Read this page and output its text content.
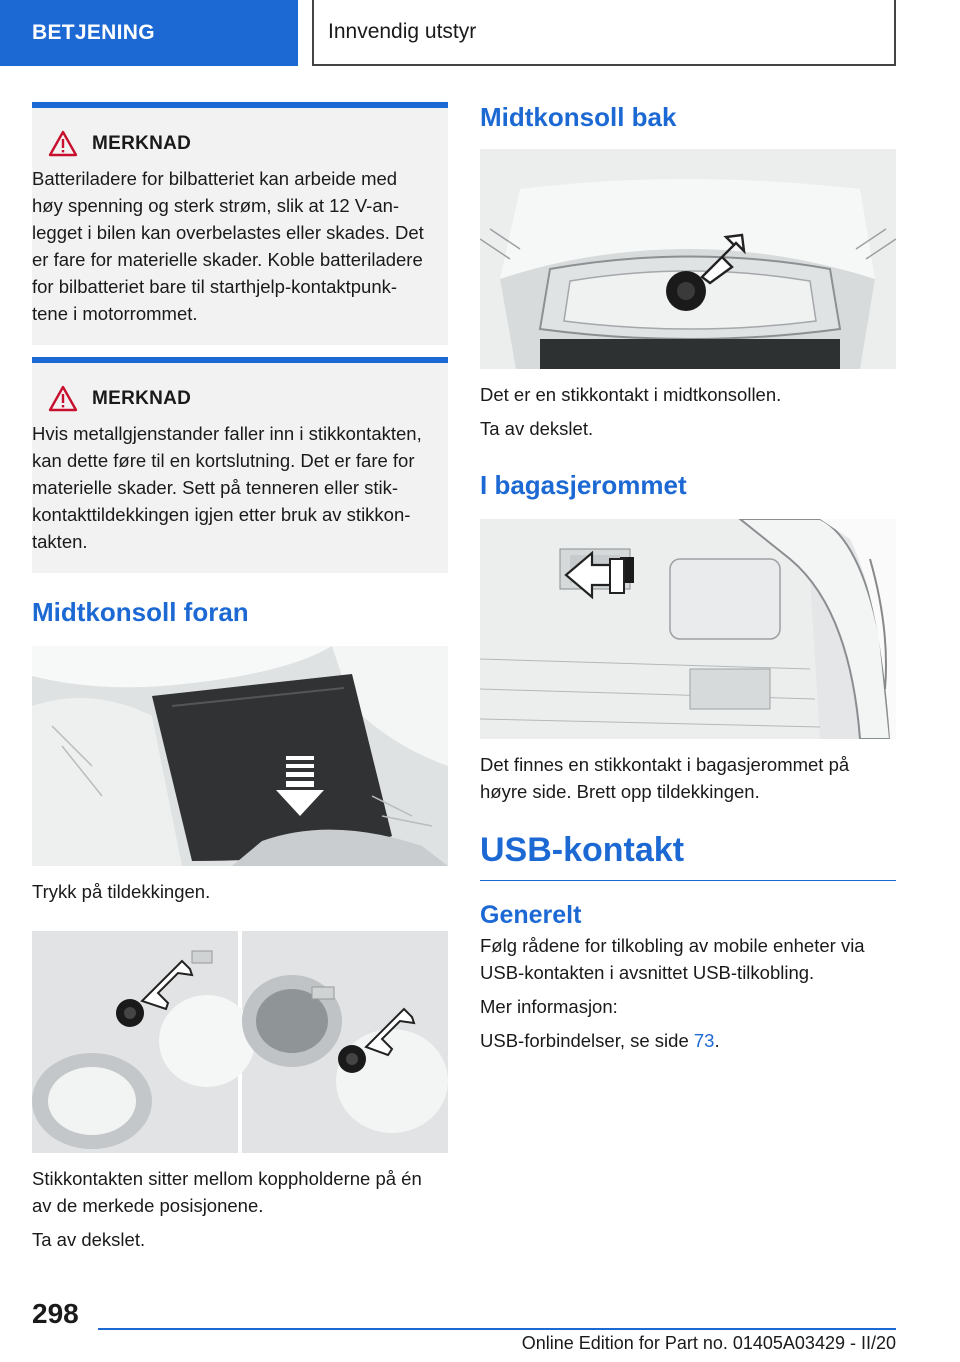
BETJENING	Innvendig utstyr
MERKNAD
Batteriladere for bilbatteriet kan arbeide med
høy spenning og sterk strøm, slik at 12 V-an-
legget i bilen kan overbelastes eller skades. Det
er fare for materielle skader. Koble batteriladere
for bilbatteriet bare til starthjelp-kontaktpunk-
tene i motorrommet.
MERKNAD
Hvis metallgjenstander faller inn i stikkontakten,
kan dette føre til en kortslutning. Det er fare for
materielle skader. Sett på tenneren eller stik-
kontakttildekkingen igjen etter bruk av stikkon-
takten.
Midtkonsoll foran

Trykk på tildekkingen.

Stikkontakten sitter mellom koppholderne på én
av de merkede posisjonene.

Ta av dekslet.

Midtkonsoll bak

Det er en stikkontakt i midtkonsollen.

Ta av dekslet.

I bagasjerommet

Det finnes en stikkontakt i bagasjerommet på
høyre side. Brett opp tildekkingen.

USB-kontakt
Generelt

Følg rådene for tilkobling av mobile enheter via
USB-kontakten i avsnittet USB-tilkobling.

Mer informasjon:

USB-forbindelser, se side 73.

298
Online Edition for Part no. 01405A03429 - II/20
